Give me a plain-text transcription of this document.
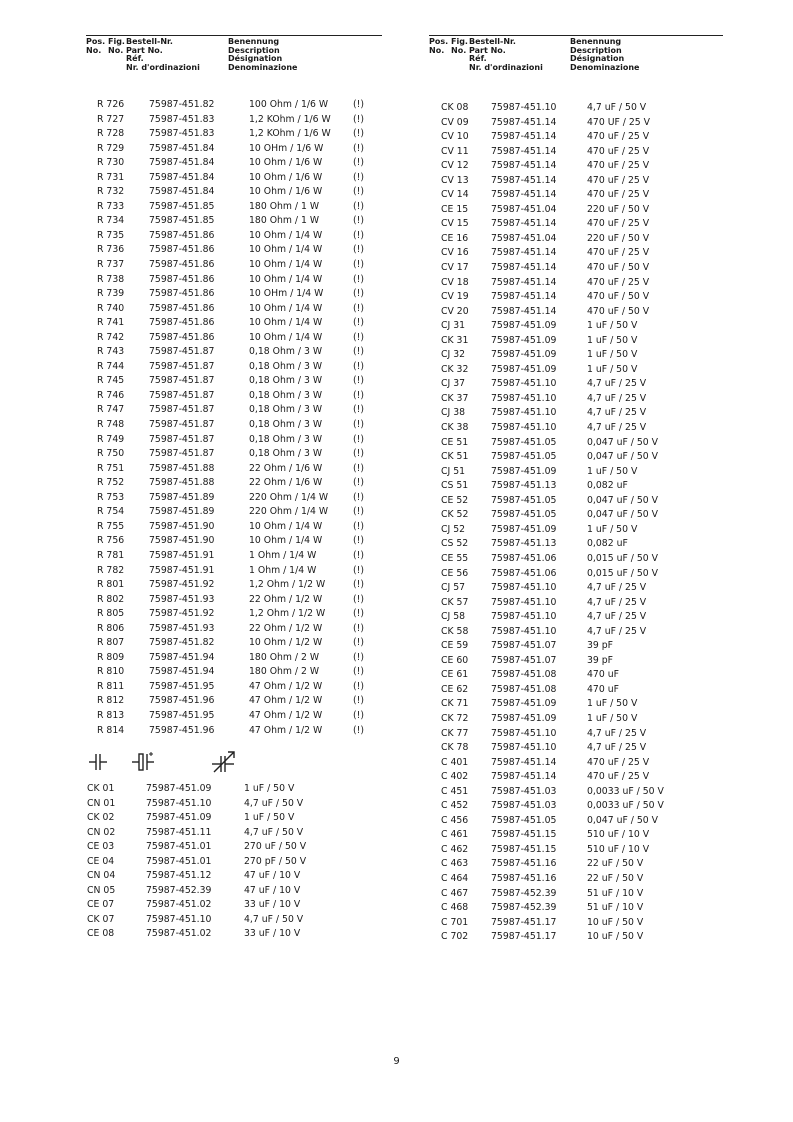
Pos.
No.
Fig.
No.
Bestell-Nr.
Part No.
Réf.
Nr. d'ordinazioni
Benennung
Description
Désignation
Denominazione
Pos.
No.
Fig.
No.
Bestell-Nr.
Part No.
Réf.
Nr. d'ordinazioni
Benennung
Description
Désignation
Denominazione
R 726	75987-451.82	100 Ohm / 1/6 W	(!)
R 727	75987-451.83	1,2 KOhm / 1/6 W (!)
R 728	75987-451.83	1,2 KOhm / 1/6 W (!)
R 729	75987-451.84	10 OHm / 1/6 W	(!)
R 730	75987-451.84	10 Ohm / 1/6 W	(!)
R 731	75987-451.84	10 Ohm / 1/6 W	(!)
R 732	75987-451.84	10 Ohm / 1/6 W	(!)
R 733	75987-451.85	180 Ohm / 1 W	(!)
R 734	75987-451.85	180 Ohm / 1 W	(!)
R 735	75987-451.86	10 Ohm / 1/4 W	(!)
R 736	75987-451.86	10 Ohm / 1/4 W	(!)
R 737	75987-451.86	10 Ohm / 1/4 W	(!)
R 738	75987-451.86	10 Ohm / 1/4 W	(!)
R 739	75987-451.86	10 OHm / 1/4 W	(!)
R 740	75987-451.86	10 Ohm / 1/4 W	(!)
R 741	75987-451.86	10 Ohm / 1/4 W	(!)
R 742	75987-451.86	10 Ohm / 1/4 W	(!)
R 743	75987-451.87	0,18 Ohm / 3 W	(!)
R 744	75987-451.87	0,18 Ohm / 3 W	(!)
R 745	75987-451.87	0,18 Ohm / 3 W	(!)
R 746	75987-451.87	0,18 Ohm / 3 W	(!)
R 747	75987-451.87	0,18 Ohm / 3 W	(!)
R 748	75987-451.87	0,18 Ohm / 3 W	(!)
R 749	75987-451.87	0,18 Ohm / 3 W	(!)
R 750	75987-451.87	0,18 Ohm / 3 W	(!)
R 751	75987-451.88	22 Ohm / 1/6 W	(!)
R 752	75987-451.88	22 Ohm / 1/6 W	(!)
R 753	75987-451.89	220 Ohm / 1/4 W	(!)
R 754	75987-451.89	220 Ohm / 1/4 W	(!)
R 755	75987-451.90	10 Ohm / 1/4 W	(!)
R 756	75987-451.90	10 Ohm / 1/4 W	(!)
R 781	75987-451.91	1 Ohm / 1/4 W	(!)
R 782	75987-451.91	1 Ohm / 1/4 W	(!)
R 801	75987-451.92	1,2 Ohm / 1/2 W	(!)
R 802	75987-451.93	22 Ohm / 1/2 W	(!)
R 805	75987-451.92	1,2 Ohm / 1/2 W	(!)
R 806	75987-451.93	22 Ohm / 1/2 W	(!)
R 807	75987-451.82	10 Ohm / 1/2 W	(!)
R 809	75987-451.94	180 Ohm / 2 W	(!)
R 810	75987-451.94	180 Ohm / 2 W	(!)
R 811	75987-451.95	47 Ohm / 1/2 W	(!)
R 812	75987-451.96	47 Ohm / 1/2 W	(!)
R 813	75987-451.95	47 Ohm / 1/2 W	(!)
R 814	75987-451.96	47 Ohm / 1/2 W	(!)
CK 01	75987-451.09	1 uF / 50 V
CN 01	75987-451.10	4,7 uF / 50 V
CK 02	75987-451.09	1 uF / 50 V
CN 02	75987-451.11	4,7 uF / 50 V
CE 03	75987-451.01	270 uF / 50 V
CE 04	75987-451.01	270 pF / 50 V
CN 04	75987-451.12	47 uF / 10 V
CN 05	75987-452.39	47 uF / 10 V
CE 07	75987-451.02	33 uF / 10 V
CK 07	75987-451.10	4,7 uF / 50 V
CE 08	75987-451.02	33 uF / 10 V
CK 08 75987-451.10	4,7 uF / 50 V
CV 09 75987-451.14	470 UF / 25 V
CV 10 75987-451.14	470 uF / 25 V
CV 11 75987-451.14	470 uF / 25 V
CV 12 75987-451.14	470 uF / 25 V
CV 13 75987-451.14	470 uF / 25 V
CV 14 75987-451.14	470 uF / 25 V
CE 15 75987-451.04	220 uF / 50 V
CV 15 75987-451.14	470 uF / 25 V
CE 16 75987-451.04	220 uF / 50 V
CV 16 75987-451.14	470 uF / 25 V
CV 17 75987-451.14	470 uF / 50 V
CV 18 75987-451.14	470 uF / 25 V
CV 19 75987-451.14	470 uF / 50 V
CV 20 75987-451.14	470 uF / 50 V
CJ 31	75987-451.09	1 uF / 50 V
CK 31 75987-451.09	1 uF / 50 V
CJ 32	75987-451.09	1 uF / 50 V
CK 32 75987-451.09	1 uF / 50 V
CJ 37	75987-451.10	4,7 uF / 25 V
CK 37 75987-451.10	4,7 uF / 25 V
CJ 38	75987-451.10	4,7 uF / 25 V
CK 38 75987-451.10	4,7 uF / 25 V
CE 51 75987-451.05	0,047 uF / 50 V
CK 51 75987-451.05	0,047 uF / 50 V
CJ 51	75987-451.09	1 uF / 50 V
CS 51 75987-451.13	0,082 uF
CE 52 75987-451.05	0,047 uF / 50 V
CK 52 75987-451.05	0,047 uF / 50 V
CJ 52	75987-451.09	1 uF / 50 V
CS 52 75987-451.13	0,082 uF
CE 55 75987-451.06	0,015 uF / 50 V
CE 56 75987-451.06	0,015 uF / 50 V
CJ 57	75987-451.10	4,7 uF / 25 V
CK 57 75987-451.10	4,7 uF / 25 V
CJ 58	75987-451.10	4,7 uF / 25 V
CK 58 75987-451.10	4,7 uF / 25 V
CE 59 75987-451.07	39 pF
CE 60 75987-451.07	39 pF
CE 61 75987-451.08	470 uF
CE 62 75987-451.08	470 uF
CK 71 75987-451.09	1 uF / 50 V
CK 72 75987-451.09	1 uF / 50 V
CK 77 75987-451.10	4,7 uF / 25 V
CK 78 75987-451.10	4,7 uF / 25 V
C 401 75987-451.14	470 uF / 25 V
C 402 75987-451.14	470 uF / 25 V
C 451 75987-451.03	0,0033 uF / 50 V
C 452 75987-451.03	0,0033 uF / 50 V
C 456 75987-451.05	0,047 uF / 50 V
C 461 75987-451.15	510 uF / 10 V
C 462 75987-451.15	510 uF / 10 V
C 463 75987-451.16	22 uF / 50 V
C 464 75987-451.16	22 uF / 50 V
C 467 75987-452.39	51 uF / 10 V
C 468 75987-452.39	51 uF / 10 V
C 701 75987-451.17	10 uF / 50 V
C 702 75987-451.17	10 uF / 50 V
9
